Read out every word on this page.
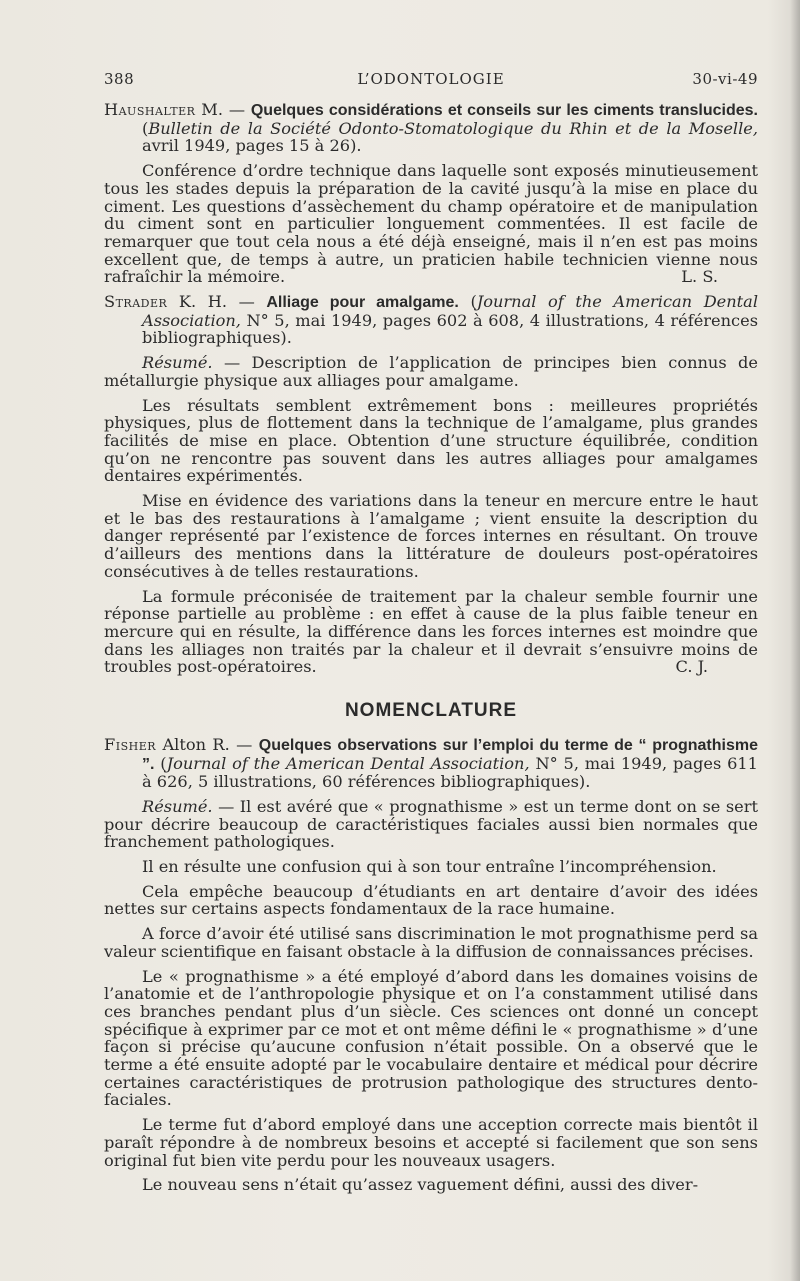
388	L’ODONTOLOGIE	30-vi-49

Haushalter M. — Quelques considérations et conseils sur les ciments translucides. (Bulletin de la Société Odonto-Stomatologique du Rhin et de la Moselle, avril 1949, pages 15 à 26).

Conférence d’ordre technique dans laquelle sont exposés minutieusement tous les stades depuis la préparation de la cavité jusqu’à la mise en place du ciment. Les questions d’assèchement du champ opératoire et de manipulation du ciment sont en particulier longuement commentées. Il est facile de remarquer que tout cela nous a été déjà enseigné, mais il n’en est pas moins excellent que, de temps à autre, un praticien habile technicien vienne nous rafraîchir la mémoire.	L. S.

Strader K. H. — Alliage pour amalgame. (Journal of the American Dental Association, N° 5, mai 1949, pages 602 à 608, 4 illustrations, 4 références bibliographiques).

Résumé. — Description de l’application de principes bien connus de métallurgie physique aux alliages pour amalgame.

Les résultats semblent extrêmement bons : meilleures propriétés physiques, plus de flottement dans la technique de l’amalgame, plus grandes facilités de mise en place. Obtention d’une structure équilibrée, condition qu’on ne rencontre pas souvent dans les autres alliages pour amalgames dentaires expérimentés.

Mise en évidence des variations dans la teneur en mercure entre le haut et le bas des restaurations à l’amalgame ; vient ensuite la description du danger représenté par l’existence de forces internes en résultant. On trouve d’ailleurs des mentions dans la littérature de douleurs post-opératoires consécutives à de telles restaurations.

La formule préconisée de traitement par la chaleur semble fournir une réponse partielle au problème : en effet à cause de la plus faible teneur en mercure qui en résulte, la différence dans les forces internes est moindre que dans les alliages non traités par la chaleur et il devrait s’ensuivre moins de troubles post-opératoires.	C. J.

NOMENCLATURE

Fisher Alton R. — Quelques observations sur l’emploi du terme de “ prognathisme ”. (Journal of the American Dental Association, N° 5, mai 1949, pages 611 à 626, 5 illustrations, 60 références bibliographiques).

Résumé. — Il est avéré que « prognathisme » est un terme dont on se sert pour décrire beaucoup de caractéristiques faciales aussi bien normales que franchement pathologiques.

Il en résulte une confusion qui à son tour entraîne l’incompréhension.

Cela empêche beaucoup d’étudiants en art dentaire d’avoir des idées nettes sur certains aspects fondamentaux de la race humaine.

A force d’avoir été utilisé sans discrimination le mot prognathisme perd sa valeur scientifique en faisant obstacle à la diffusion de connaissances précises.

Le « prognathisme » a été employé d’abord dans les domaines voisins de l’anatomie et de l’anthropologie physique et on l’a constamment utilisé dans ces branches pendant plus d’un siècle. Ces sciences ont donné un concept spécifique à exprimer par ce mot et ont même défini le « prognathisme » d’une façon si précise qu’aucune confusion n’était possible. On a observé que le terme a été ensuite adopté par le vocabulaire dentaire et médical pour décrire certaines caractéristiques de protrusion pathologique des structures dento-faciales.

Le terme fut d’abord employé dans une acception correcte mais bientôt il paraît répondre à de nombreux besoins et accepté si facilement que son sens original fut bien vite perdu pour les nouveaux usagers.

Le nouveau sens n’était qu’assez vaguement défini, aussi des diver-
